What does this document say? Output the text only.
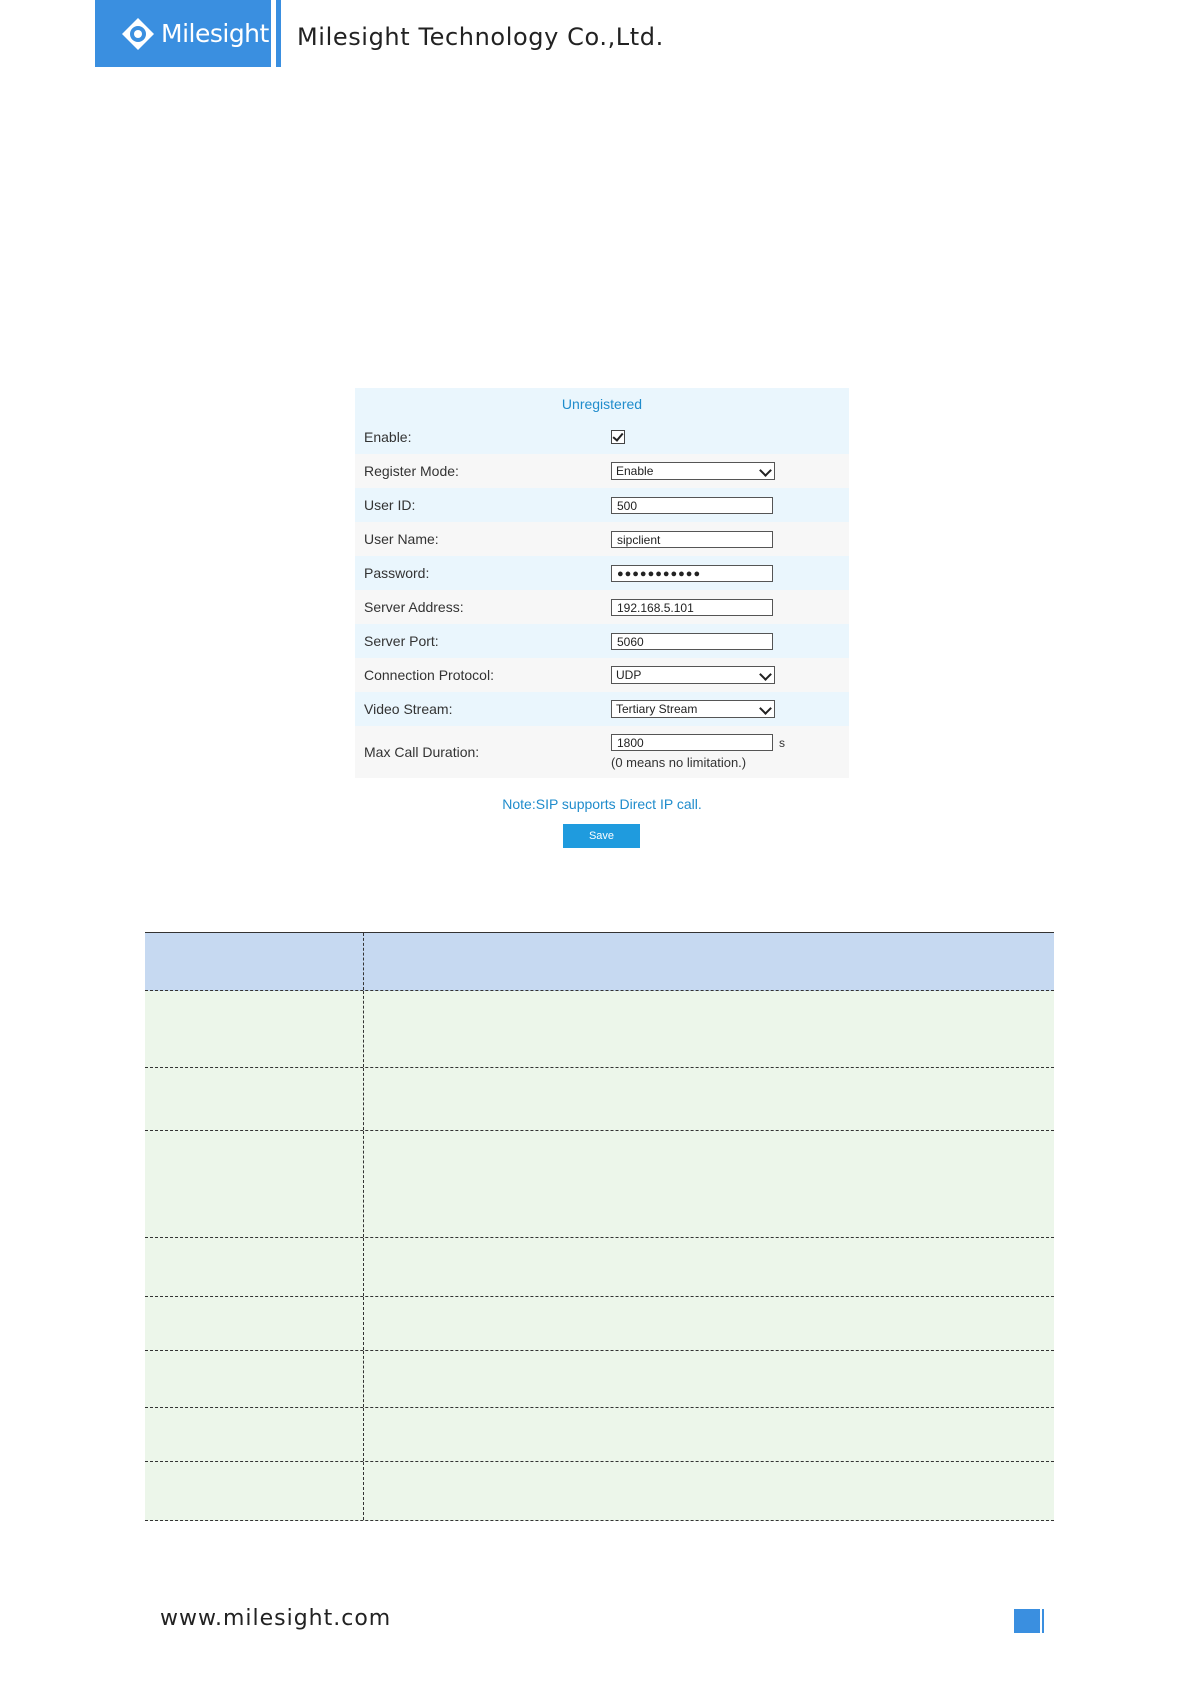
Milesight Milesight Technology Co.,Ltd.
Unregistered
Enable:
Register Mode:	Enable
User ID:	500
User Name:	sipclient
Password:	●●●●●●●●●●●
Server Address:	192.168.5.101
Server Port:	5060
Connection Protocol:	UDP
Video Stream:	Tertiary Stream
Max Call Duration:
1800	s
(0 means no limitation.)
Note:SIP supports Direct IP call.
Save
www.milesight.com
